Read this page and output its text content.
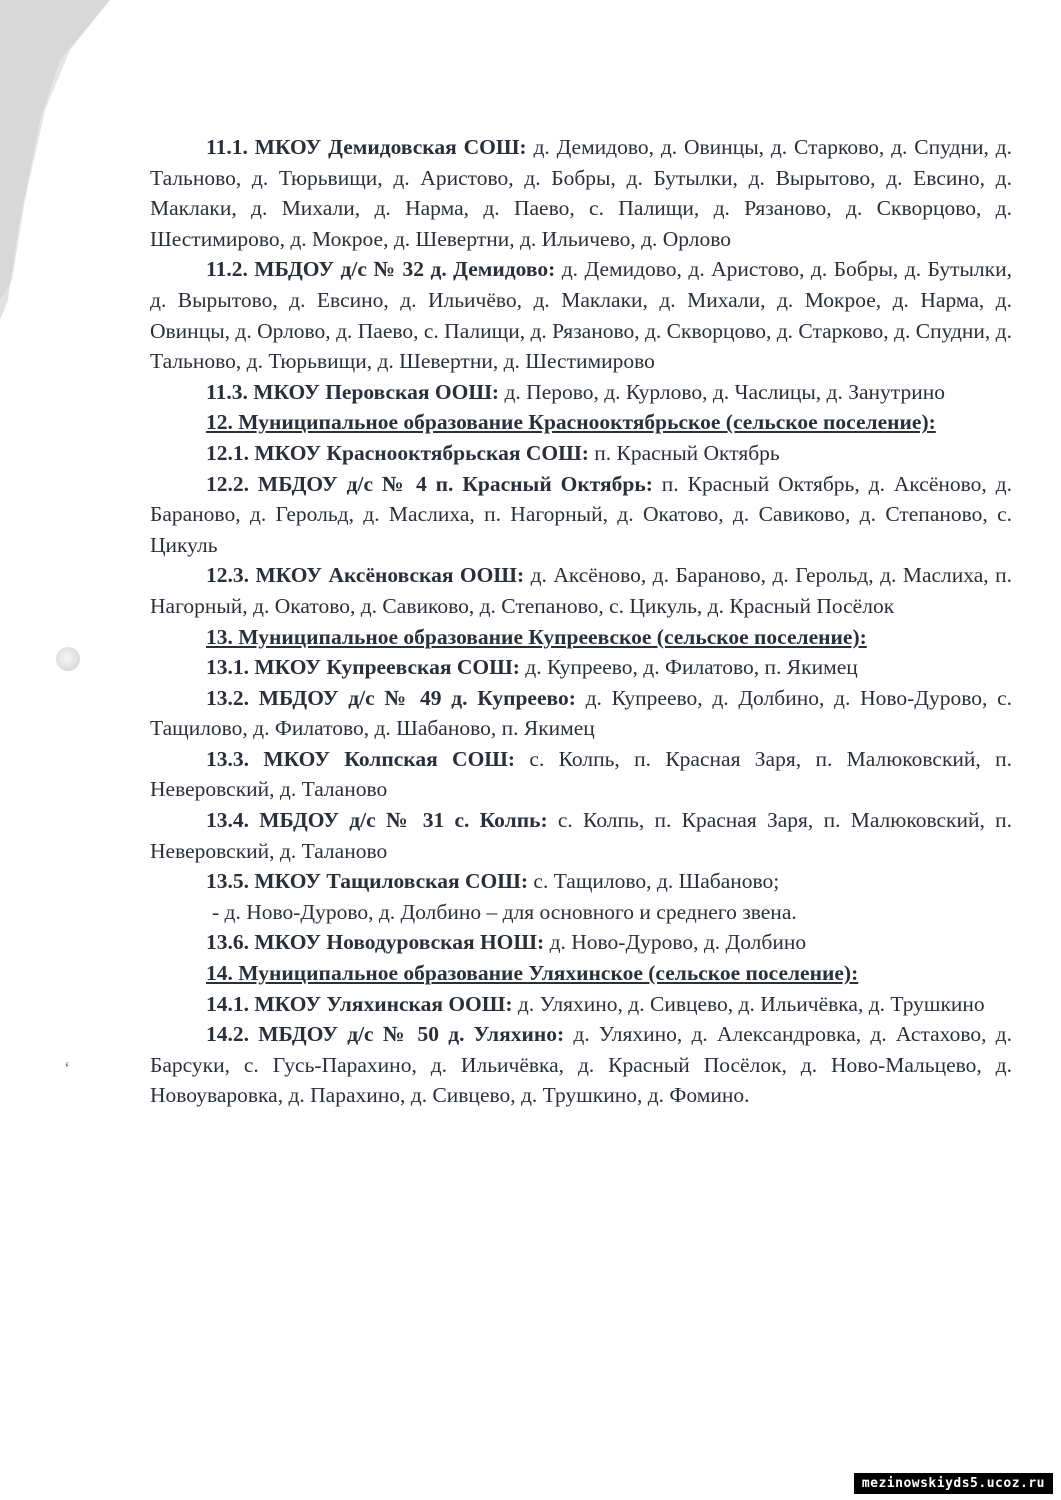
ʻ

11.1. МКОУ Демидовская СОШ: д. Демидово, д. Овинцы, д. Старково, д. Спудни, д. Тальново, д. Тюрьвищи, д. Аристово, д. Бобры, д. Бутылки, д. Вырытово, д. Евсино, д. Маклаки, д. Михали, д. Нарма, д. Паево, с. Палищи, д. Рязаново, д. Скворцово, д. Шестимирово, д. Мокрое, д. Шевертни, д. Ильичево, д. Орлово

11.2. МБДОУ д/с № 32 д. Демидово: д. Демидово, д. Аристово, д. Бобры, д. Бутылки, д. Вырытово, д. Евсино, д. Ильичёво, д. Маклаки, д. Михали, д. Мокрое, д. Нарма, д. Овинцы, д. Орлово, д. Паево, с. Палищи, д. Рязаново, д. Скворцово, д. Старково, д. Спудни, д. Тальново, д. Тюрьвищи, д. Шевертни, д. Шестимирово

11.3. МКОУ Перовская ООШ: д. Перово, д. Курлово, д. Часлицы, д. Занутрино

12. Муниципальное образование Краснооктябрьское (сельское поселение):

12.1. МКОУ Краснооктябрьская СОШ: п. Красный Октябрь

12.2. МБДОУ д/с № 4 п. Красный Октябрь: п. Красный Октябрь, д. Аксёново, д. Бараново, д. Герольд, д. Маслиха, п. Нагорный, д. Окатово, д. Савиково, д. Степаново, с. Цикуль

12.3. МКОУ Аксёновская ООШ: д. Аксёново, д. Бараново, д. Герольд, д. Маслиха, п. Нагорный, д. Окатово, д. Савиково, д. Степаново, с. Цикуль, д. Красный Посёлок

13. Муниципальное образование Купреевское (сельское поселение):

13.1. МКОУ Купреевская СОШ: д. Купреево, д. Филатово, п. Якимец

13.2. МБДОУ д/с № 49 д. Купреево: д. Купреево, д. Долбино, д. Ново-Дурово, с. Тащилово, д. Филатово, д. Шабаново, п. Якимец

13.3. МКОУ Колпская СОШ: с. Колпь, п. Красная Заря, п. Малюковский, п. Неверовский, д. Таланово

13.4. МБДОУ д/с № 31 с. Колпь: с. Колпь, п. Красная Заря, п. Малюковский, п. Неверовский, д. Таланово

13.5. МКОУ Тащиловская СОШ: с. Тащилово, д. Шабаново;

- д. Ново-Дурово, д. Долбино – для основного и среднего звена.

13.6. МКОУ Новодуровская НОШ: д. Ново-Дурово, д. Долбино

14. Муниципальное образование Уляхинское (сельское поселение):

14.1. МКОУ Уляхинская ООШ: д. Уляхино, д. Сивцево, д. Ильичёвка, д. Трушкино

14.2. МБДОУ д/с № 50 д. Уляхино: д. Уляхино, д. Александровка, д. Астахово, д. Барсуки, с. Гусь-Парахино, д. Ильичёвка, д. Красный Посёлок, д. Ново-Мальцево, д. Новоуваровка, д. Парахино, д. Сивцево, д. Трушкино, д. Фомино.

mezinowskiyds5.ucoz.ru
